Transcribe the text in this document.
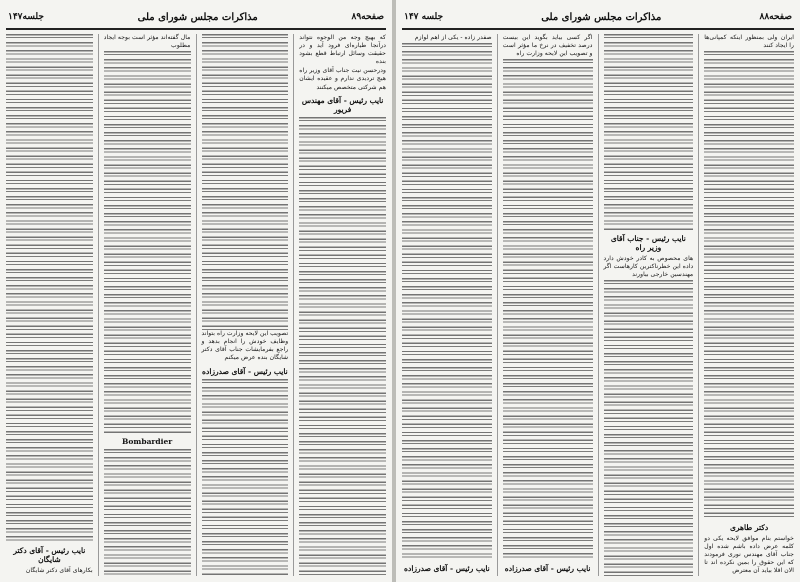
صفحه۸۹
مذاکرات مجلس شورای ملی
جلسه۱۴۷

که بهیچ وجه من الوجوه نتواند درآنجا طیاره‌ای فرود آید و در حقیقت وسائل ارتباط قطع بشود بنده

ودرحسن نیت جناب آقای وزیر راه هیچ تردیدی ندارم و عقیده ایشان هم شرکتی متخصص میکنند

نایب رئیس - آقای مهندس فریور

تصویب این لایحه وزارت راه بتواند وظایف خودش را انجام بدهد و راجع بفرمایشات جناب آقای دکتر شایگان بنده عرض میکنم

نایب رئیس - آقای صدرزاده

مال گفته‌اند مؤثر است بوجه ایجاد مطلوب

Bombardier
نایب رئیس - آقای دکتر شایگان

بکارهای آقای دکتر شایگان

صفحه۸۸
مذاکرات مجلس شورای ملی
جلسه ۱۴۷

ایران ولی بمنظور اینکه کمپانی‌ها را ایجاد کنند

دکتر طاهری

خواستم بنام موافق لایحه یکی دو کلمه عرض داده باشم شده اول جناب آقای مهندس نوری فرمودند که این حقوق را بمین نکرده اند تا الان اقلا بیاید آن معترض

نایب رئیس - جناب آقای وزیر راه

های محصوص به کادر خودش دارد داده این خطرناکترین کارهاست اگر مهندسین خارجی بیاورند

اگر کسی بیاید بگوید این بیست درصد تخفیف در نرخ ما مؤثر است و تصویب این لایحه وزارت راه

نایب رئیس - آقای صدرزاده

صفدر زاده - یکی از اهم لوازم

نایب رئیس - آقای صدرزاده
